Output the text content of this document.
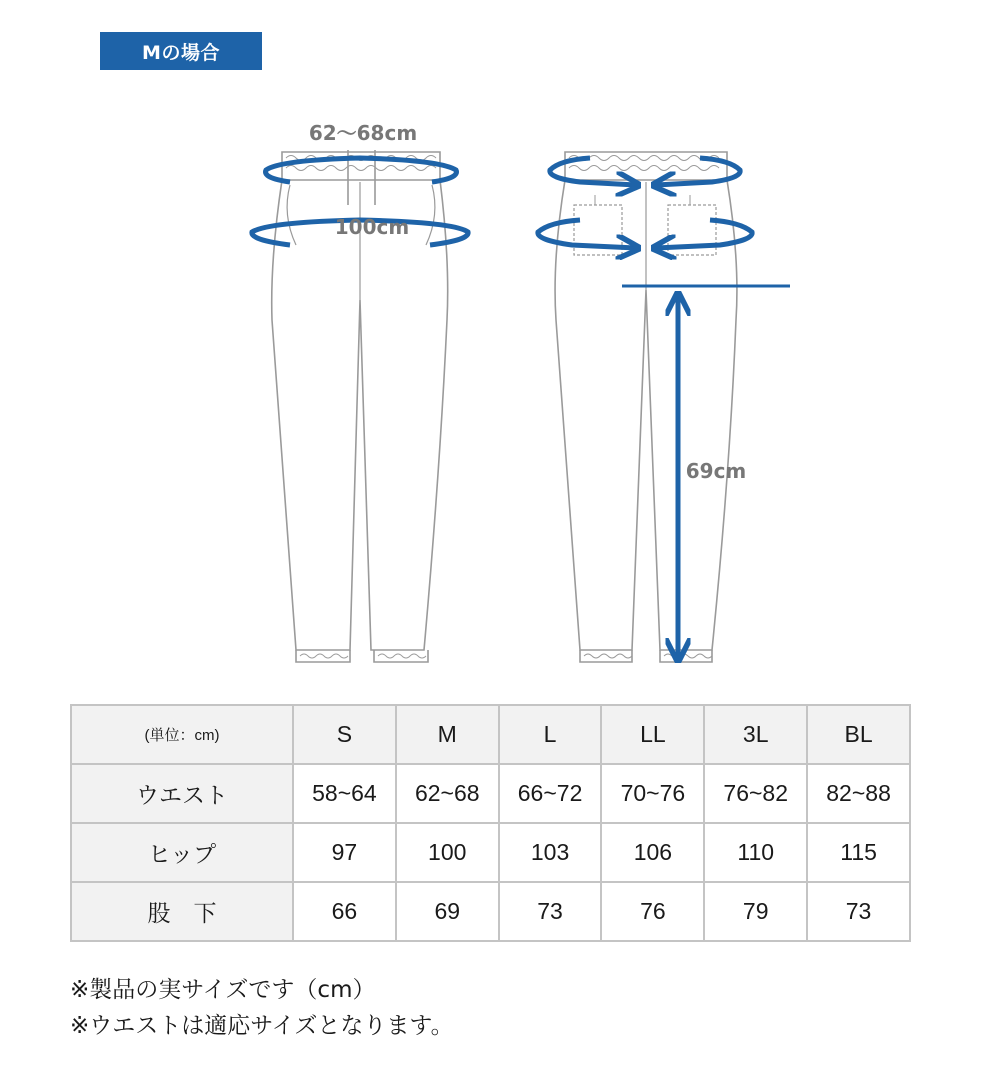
Mの場合
62〜68cm
100cm
69cm
(単位：cm)	S	M	L	LL	3L	BL
ウエスト	58~64	62~68	66~72	70~76	76~82	82~88
ヒップ	97	100	103	106	110	115
股　下	66	69	73	76	79	73
※製品の実サイズです（cm）
※ウエストは適応サイズとなります。
